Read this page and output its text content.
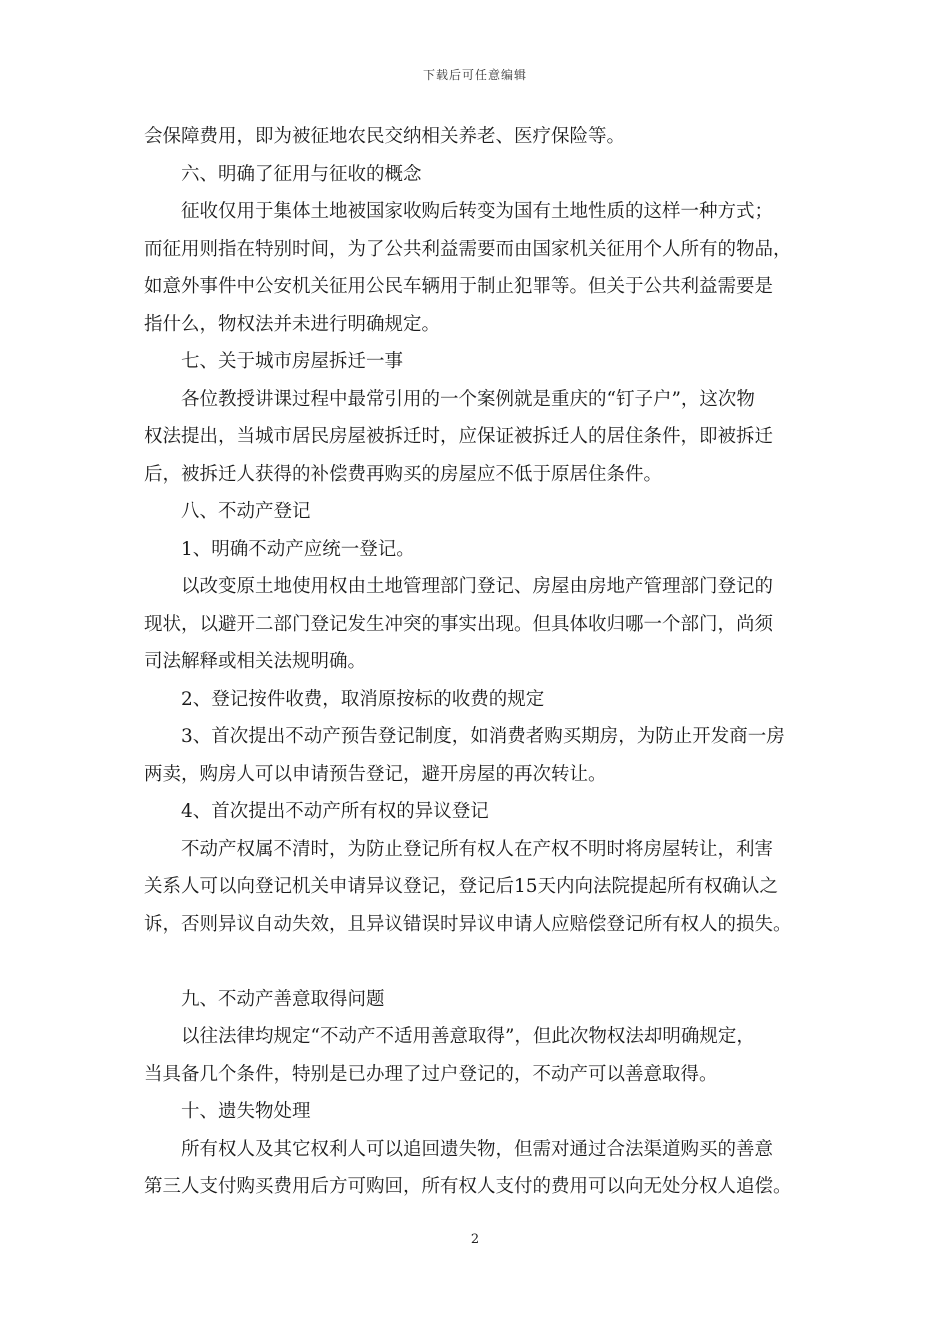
下载后可任意编辑
会保障费用，即为被征地农民交纳相关养老、医疗保险等。
六、明确了征用与征收的概念
征收仅用于集体土地被国家收购后转变为国有土地性质的这样一种方式；
而征用则指在特别时间，为了公共利益需要而由国家机关征用个人所有的物品，
如意外事件中公安机关征用公民车辆用于制止犯罪等。但关于公共利益需要是
指什么，物权法并未进行明确规定。
七、关于城市房屋拆迁一事
各位教授讲课过程中最常引用的一个案例就是重庆的“钉子户”，这次物
权法提出，当城市居民房屋被拆迁时，应保证被拆迁人的居住条件，即被拆迁
后，被拆迁人获得的补偿费再购买的房屋应不低于原居住条件。
八、不动产登记
1、明确不动产应统一登记。
以改变原土地使用权由土地管理部门登记、房屋由房地产管理部门登记的
现状，以避开二部门登记发生冲突的事实出现。但具体收归哪一个部门，尚须
司法解释或相关法规明确。
2、登记按件收费，取消原按标的收费的规定
3、首次提出不动产预告登记制度，如消费者购买期房，为防止开发商一房
两卖，购房人可以申请预告登记，避开房屋的再次转让。
4、首次提出不动产所有权的异议登记
不动产权属不清时，为防止登记所有权人在产权不明时将房屋转让，利害
关系人可以向登记机关申请异议登记，登记后15天内向法院提起所有权确认之
诉，否则异议自动失效，且异议错误时异议申请人应赔偿登记所有权人的损失。
九、不动产善意取得问题
以往法律均规定“不动产不适用善意取得”，但此次物权法却明确规定，
当具备几个条件，特别是已办理了过户登记的，不动产可以善意取得。
十、遗失物处理
所有权人及其它权利人可以追回遗失物，但需对通过合法渠道购买的善意
第三人支付购买费用后方可购回，所有权人支付的费用可以向无处分权人追偿。
2
